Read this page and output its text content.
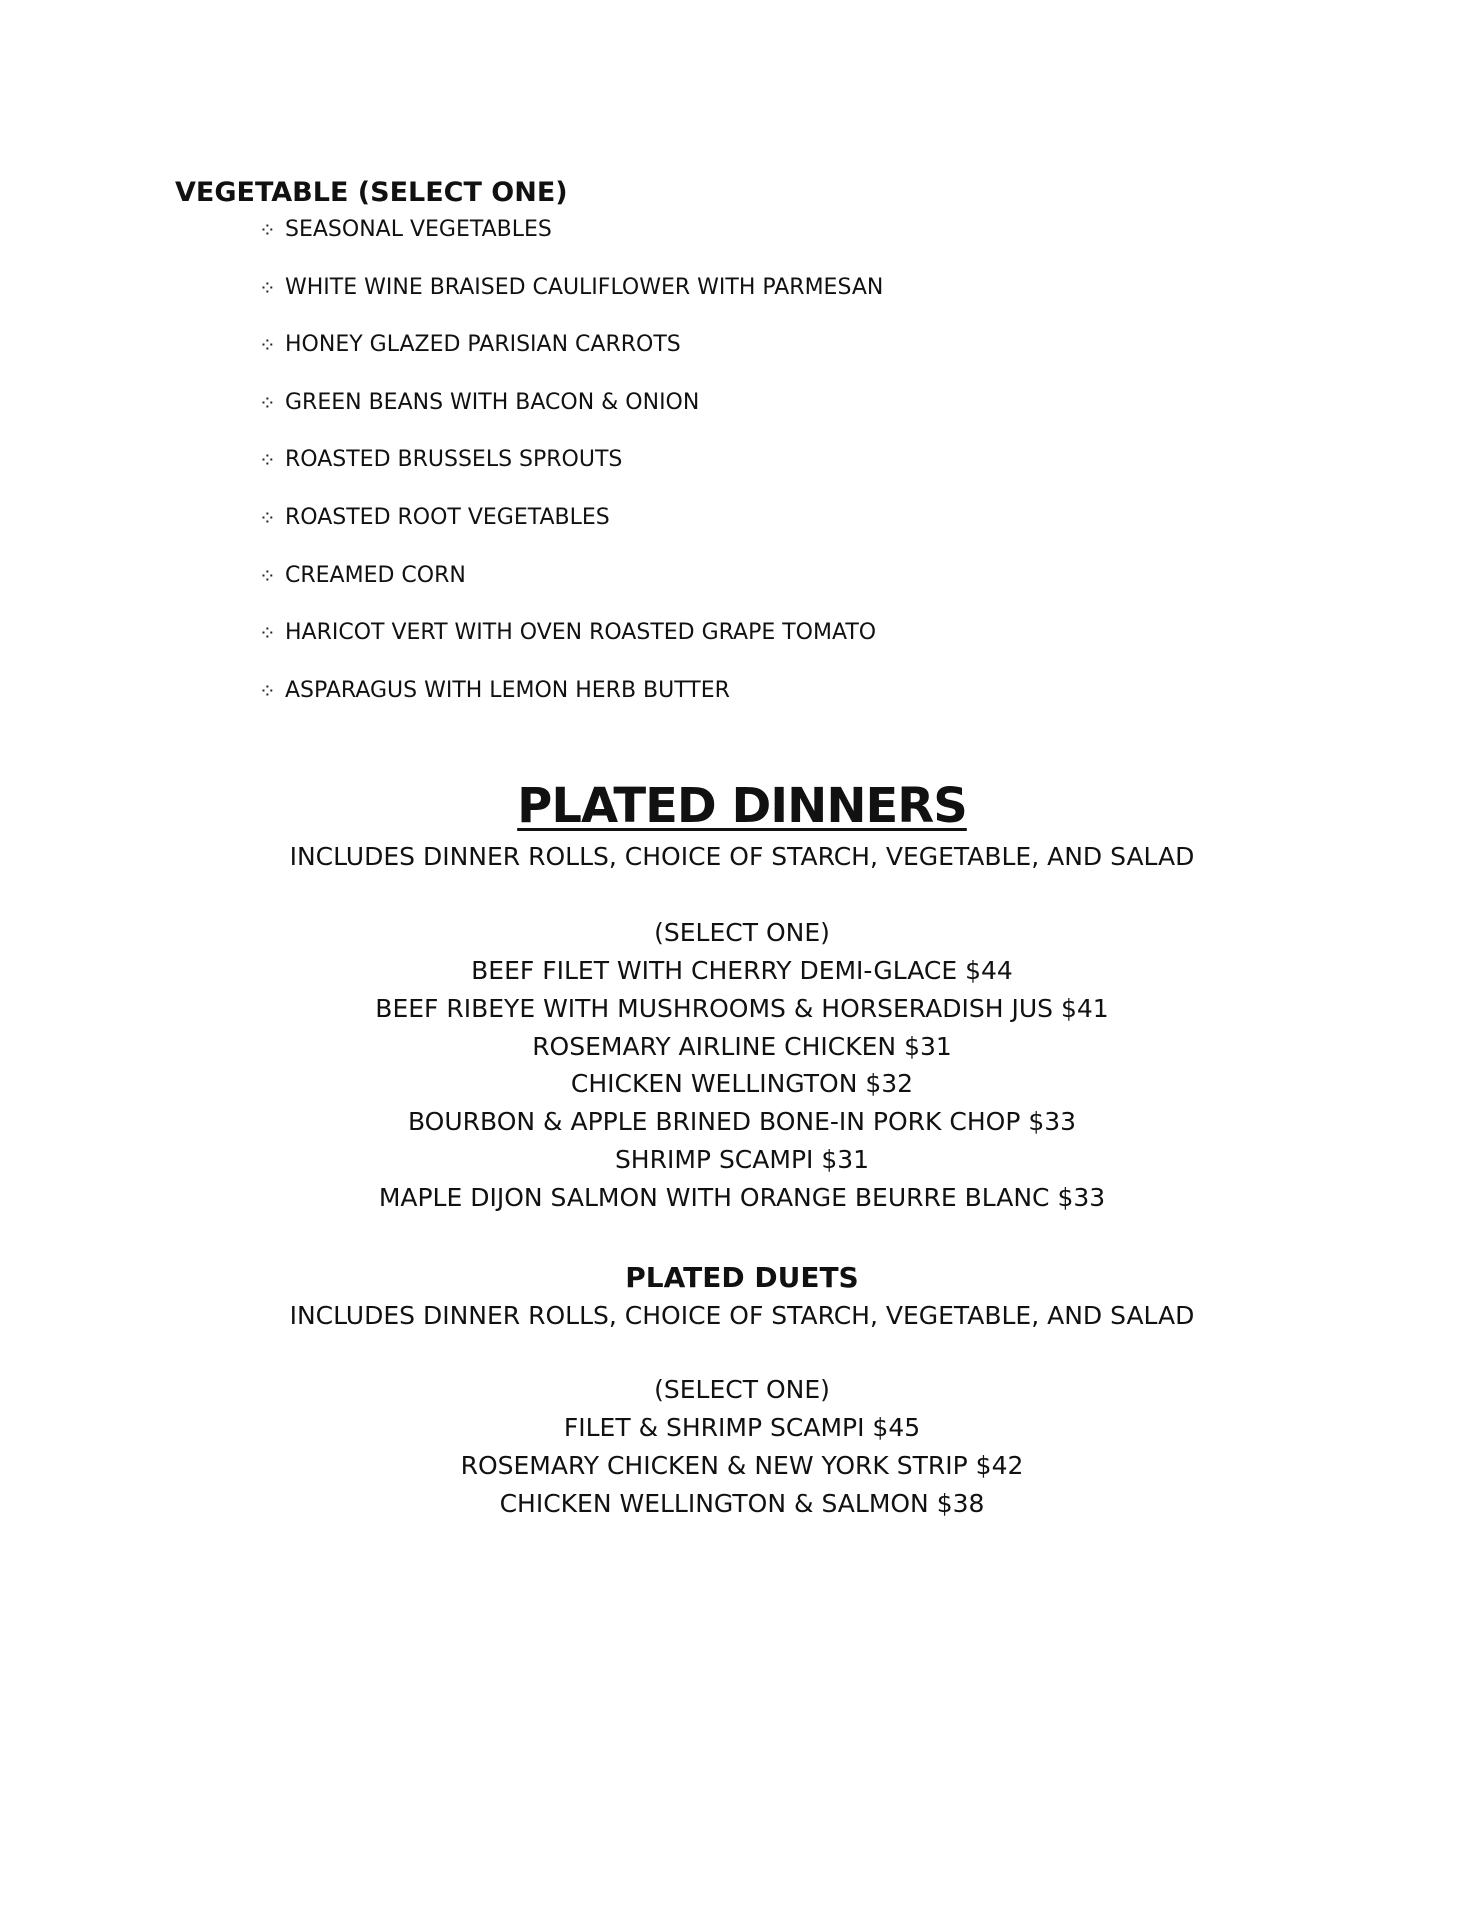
VEGETABLE (SELECT ONE)
⁘ SEASONAL VEGETABLES
⁘ WHITE WINE BRAISED CAULIFLOWER WITH PARMESAN
⁘ HONEY GLAZED PARISIAN CARROTS
⁘ GREEN BEANS WITH BACON & ONION
⁘ ROASTED BRUSSELS SPROUTS
⁘ ROASTED ROOT VEGETABLES
⁘ CREAMED CORN
⁘ HARICOT VERT WITH OVEN ROASTED GRAPE TOMATO
⁘ ASPARAGUS WITH LEMON HERB BUTTER
PLATED DINNERS
INCLUDES DINNER ROLLS, CHOICE OF STARCH, VEGETABLE, AND SALAD
(SELECT ONE)
BEEF FILET WITH CHERRY DEMI-GLACE $44
BEEF RIBEYE WITH MUSHROOMS & HORSERADISH JUS $41
ROSEMARY AIRLINE CHICKEN $31
CHICKEN WELLINGTON $32
BOURBON & APPLE BRINED BONE-IN PORK CHOP $33
SHRIMP SCAMPI $31
MAPLE DIJON SALMON WITH ORANGE BEURRE BLANC $33
PLATED DUETS
INCLUDES DINNER ROLLS, CHOICE OF STARCH, VEGETABLE, AND SALAD
(SELECT ONE)
FILET & SHRIMP SCAMPI $45
ROSEMARY CHICKEN & NEW YORK STRIP $42
CHICKEN WELLINGTON & SALMON $38
